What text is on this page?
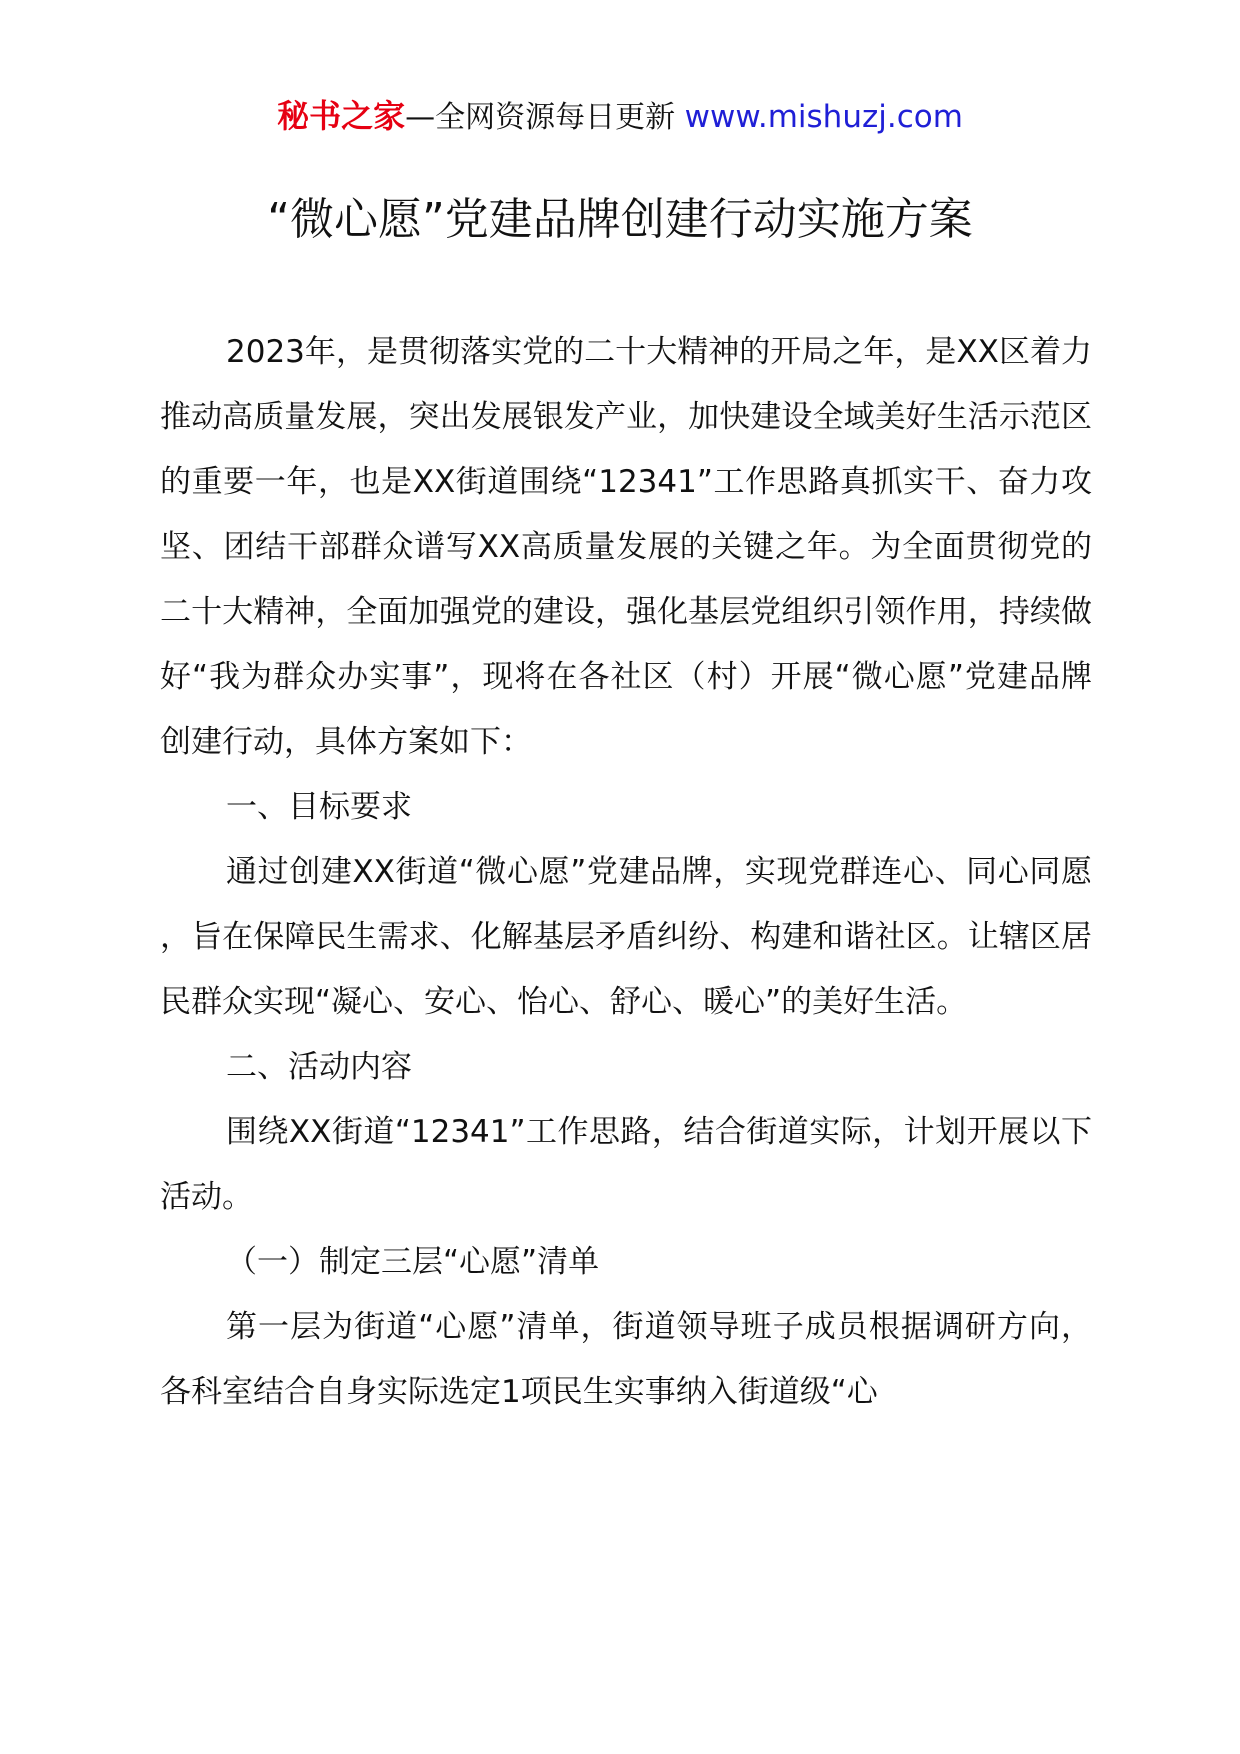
秘书之家—全网资源每日更新 www.mishuzj.com
“微心愿”党建品牌创建行动实施方案

2023年，是贯彻落实党的二十大精神的开局之年，是XX区着力推动高质量发展，突出发展银发产业，加快建设全域美好生活示范区的重要一年，也是XX街道围绕“12341”工作思路真抓实干、奋力攻坚、团结干部群众谱写XX高质量发展的关键之年。为全面贯彻党的二十大精神，全面加强党的建设，强化基层党组织引领作用，持续做好“我为群众办实事”，现将在各社区（村）开展“微心愿”党建品牌创建行动，具体方案如下：

一、目标要求

通过创建XX街道“微心愿”党建品牌，实现党群连心、同心同愿，旨在保障民生需求、化解基层矛盾纠纷、构建和谐社区。让辖区居民群众实现“凝心、安心、怡心、舒心、暖心”的美好生活。

二、活动内容

围绕XX街道“12341”工作思路，结合街道实际，计划开展以下活动。

（一）制定三层“心愿”清单

第一层为街道“心愿”清单，街道领导班子成员根据调研方向，各科室结合自身实际选定1项民生实事纳入街道级“心
